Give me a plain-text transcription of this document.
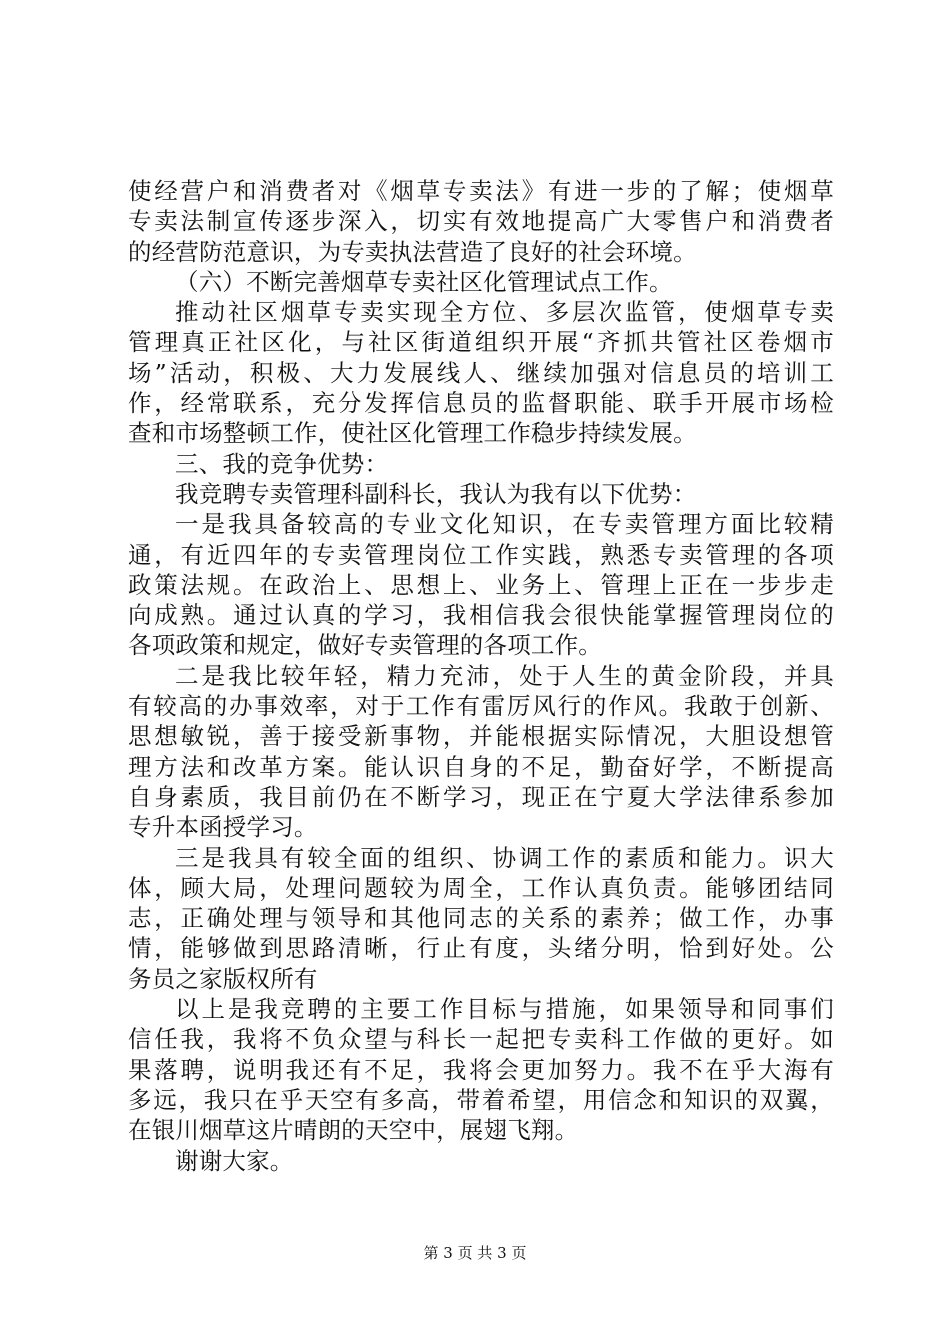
使经营户和消费者对《烟草专卖法》有进一步的了解；使烟草
专卖法制宣传逐步深入，切实有效地提高广大零售户和消费者
的经营防范意识，为专卖执法营造了良好的社会环境。
（六）不断完善烟草专卖社区化管理试点工作。
推动社区烟草专卖实现全方位、多层次监管，使烟草专卖
管理真正社区化，与社区街道组织开展“齐抓共管社区卷烟市
场”活动，积极、大力发展线人、继续加强对信息员的培训工
作，经常联系，充分发挥信息员的监督职能、联手开展市场检
查和市场整顿工作，使社区化管理工作稳步持续发展。
三、我的竞争优势：
我竞聘专卖管理科副科长，我认为我有以下优势：
一是我具备较高的专业文化知识，在专卖管理方面比较精
通，有近四年的专卖管理岗位工作实践，熟悉专卖管理的各项
政策法规。在政治上、思想上、业务上、管理上正在一步步走
向成熟。通过认真的学习，我相信我会很快能掌握管理岗位的
各项政策和规定，做好专卖管理的各项工作。
二是我比较年轻，精力充沛，处于人生的黄金阶段，并具
有较高的办事效率，对于工作有雷厉风行的作风。我敢于创新、
思想敏锐，善于接受新事物，并能根据实际情况，大胆设想管
理方法和改革方案。能认识自身的不足，勤奋好学，不断提高
自身素质，我目前仍在不断学习，现正在宁夏大学法律系参加
专升本函授学习。
三是我具有较全面的组织、协调工作的素质和能力。识大
体，顾大局，处理问题较为周全，工作认真负责。能够团结同
志，正确处理与领导和其他同志的关系的素养；做工作，办事
情，能够做到思路清晰，行止有度，头绪分明，恰到好处。公
务员之家版权所有
以上是我竞聘的主要工作目标与措施，如果领导和同事们
信任我，我将不负众望与科长一起把专卖科工作做的更好。如
果落聘，说明我还有不足，我将会更加努力。我不在乎大海有
多远，我只在乎天空有多高，带着希望，用信念和知识的双翼，
在银川烟草这片晴朗的天空中，展翅飞翔。
谢谢大家。
第 3 页 共 3 页
